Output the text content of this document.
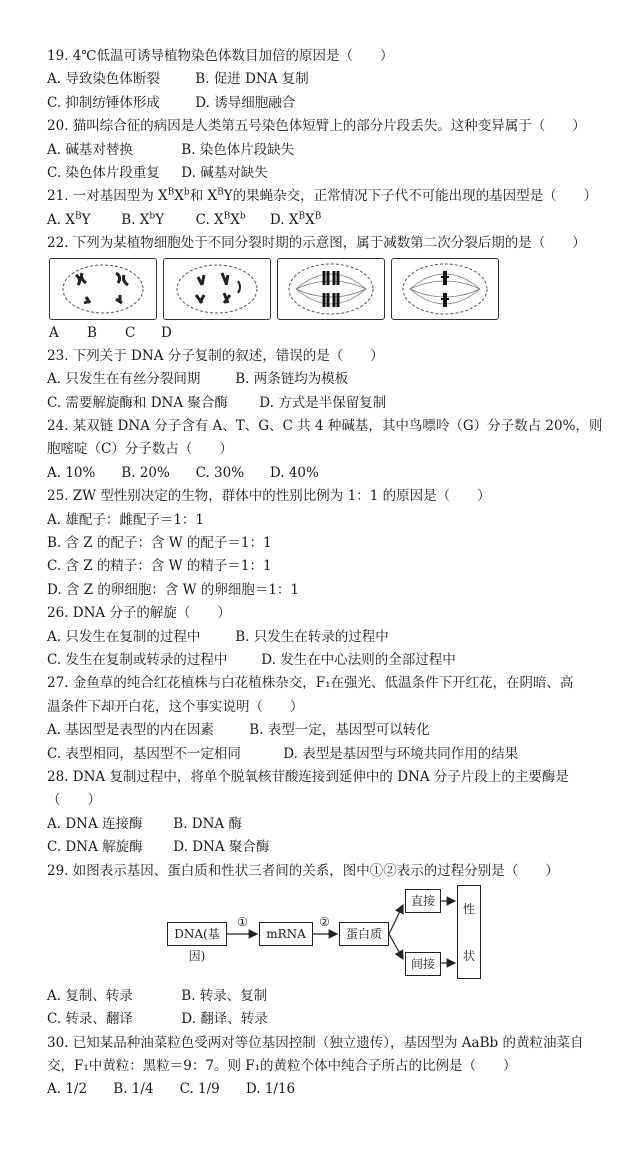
19. 4℃低温可诱导植物染色体数目加倍的原因是（　　）
A. 导致染色体断裂	B. 促进 DNA 复制
C. 抑制纺锤体形成	D. 诱导细胞融合
20. 猫叫综合征的病因是人类第五号染色体短臂上的部分片段丢失。这种变异属于（　　）
A. 碱基对替换	B. 染色体片段缺失
C. 染色体片段重复 D. 碱基对缺失
21. 一对基因型为 $X^BX^b$和 $X^BY$的果蝇杂交，正常情况下子代不可能出现的基因型是（　　）
A. $X^BY$ B. $X^bY$ C. $X^BX^b$ D. $X^BX^B$
22. 下列为某植物细胞处于不同分裂时期的示意图，属于减数第二次分裂后期的是（　　）
A B C D
23. 下列关于 DNA 分子复制的叙述，错误的是（　　）
A. 只发生在有丝分裂间期	B. 两条链均为模板
C. 需要解旋酶和 DNA 聚合酶 D. 方式是半保留复制
24. 某双链 DNA 分子含有 A、T、G、C 共 4 种碱基，其中鸟嘌呤（G）分子数占 20%，则
胞嘧啶（C）分子数占（　　）
A. 10% B. 20% C. 30% D. 40%
25. ZW 型性别决定的生物，群体中的性别比例为 1：1 的原因是（　　）
A. 雄配子：雌配子＝1：1
B. 含 Z 的配子：含 W 的配子＝1：1
C. 含 Z 的精子：含 W 的精子＝1：1
D. 含 Z 的卵细胞：含 W 的卵细胞＝1：1
26. DNA 分子的解旋（　　）
A. 只发生在复制的过程中	B. 只发生在转录的过程中
C. 发生在复制或转录的过程中	D. 发生在中心法则的全部过程中
27. 金鱼草的纯合红花植株与白花植株杂交，F₁在强光、低温条件下开红花，在阴暗、高
温条件下却开白花，这个事实说明（　　）
A. 基因型是表型的内在因素	B. 表型一定，基因型可以转化
C. 表型相同，基因型不一定相同	D. 表型是基因型与环境共同作用的结果
28. DNA 复制过程中，将单个脱氧核苷酸连接到延伸中的 DNA 分子片段上的主要酶是
（　　）
A. DNA 连接酶 B. DNA 酶
C. DNA 解旋酶 D. DNA 聚合酶
29. 如图表示基因、蛋白质和性状三者间的关系，图中①②表示的过程分别是（　　）
DNA(基因)
①
mRNA
②
蛋白质
直接
间接
性
状
A. 复制、转录	B. 转录、复制
C. 转录、翻译	D. 翻译、转录
30. 已知某品种油菜粒色受两对等位基因控制（独立遗传），基因型为 AaBb 的黄粒油菜自
交，F₁中黄粒：黑粒＝9：7。则 F₁的黄粒个体中纯合子所占的比例是（　　）
A. 1/2 B. 1/4 C. 1/9 D. 1/16
